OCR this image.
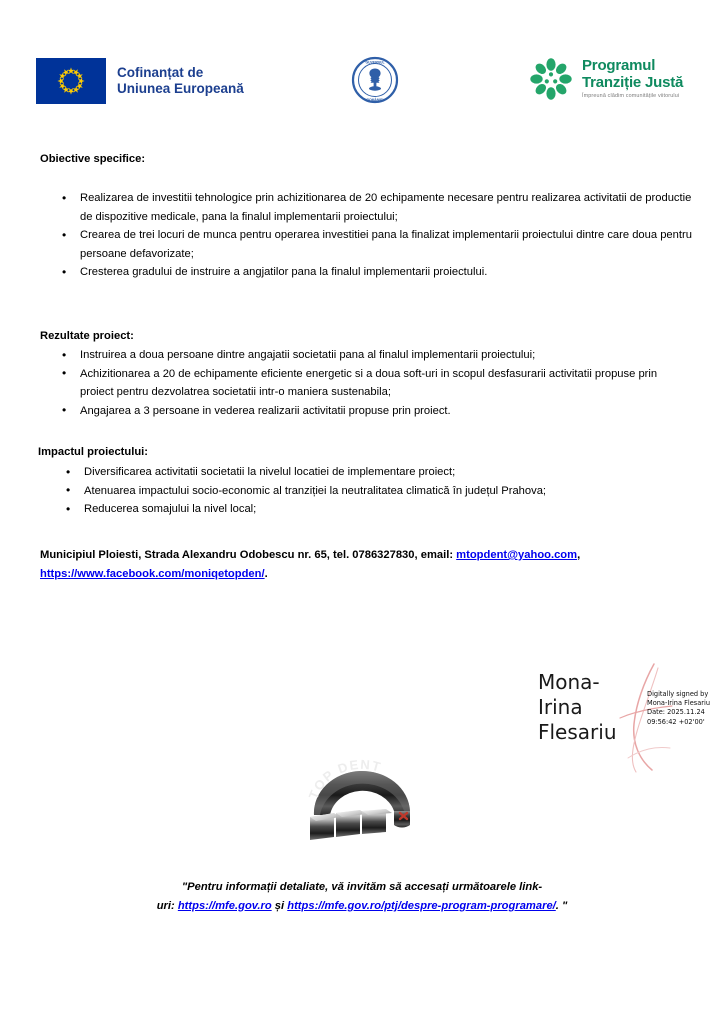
Cofinanțat de
Uniunea Europeană
GUVERNUL
ROMÂNIEI
Programul
Tranziție Justă
Împreună clădim comunitățile viitorului
Obiective specifice:
• Realizarea de investitii tehnologice prin achizitionarea de 20 echipamente necesare pentru realizarea activitatii de productie de dispozitive medicale, pana la finalul implementarii proiectului;
• Crearea de trei locuri de munca pentru operarea investitiei pana la finalizat implementarii proiectului dintre care doua pentru persoane defavorizate;
• Cresterea gradului de instruire a angjatilor pana la finalul implementarii proiectului.
Rezultate proiect:
• Instruirea a doua persoane dintre angajatii societatii pana al finalul implementarii proiectului;
• Achizitionarea a 20 de echipamente eficiente energetic si a doua soft-uri in scopul desfasurarii activitatii propuse prin proiect pentru dezvolatrea societatii intr-o maniera sustenabila;
• Angajarea a 3 persoane in vederea realizarii activitatii propuse prin proiect.
Impactul proiectului:
• Diversificarea activitatii societatii la nivelul locatiei de implementare proiect;
• Atenuarea impactului socio-economic al tranziției la neutralitatea climatică în județul Prahova;
• Reducerea somajului la nivel local;
Municipiul Ploiesti, Strada Alexandru Odobescu nr. 65, tel. 0786327830, email: mtopdent@yahoo.com, https://www.facebook.com/moniqetopden/.
Mona-
Irina
Flesariu
Digitally signed by
Mona-Irina Flesariu
Date: 2025.11.24
09:56:42 +02'00'
TOP DENT
"Pentru informații detaliate, vă invităm să accesați următoarele link-
uri: https://mfe.gov.ro și https://mfe.gov.ro/ptj/despre-program-programare/. "
